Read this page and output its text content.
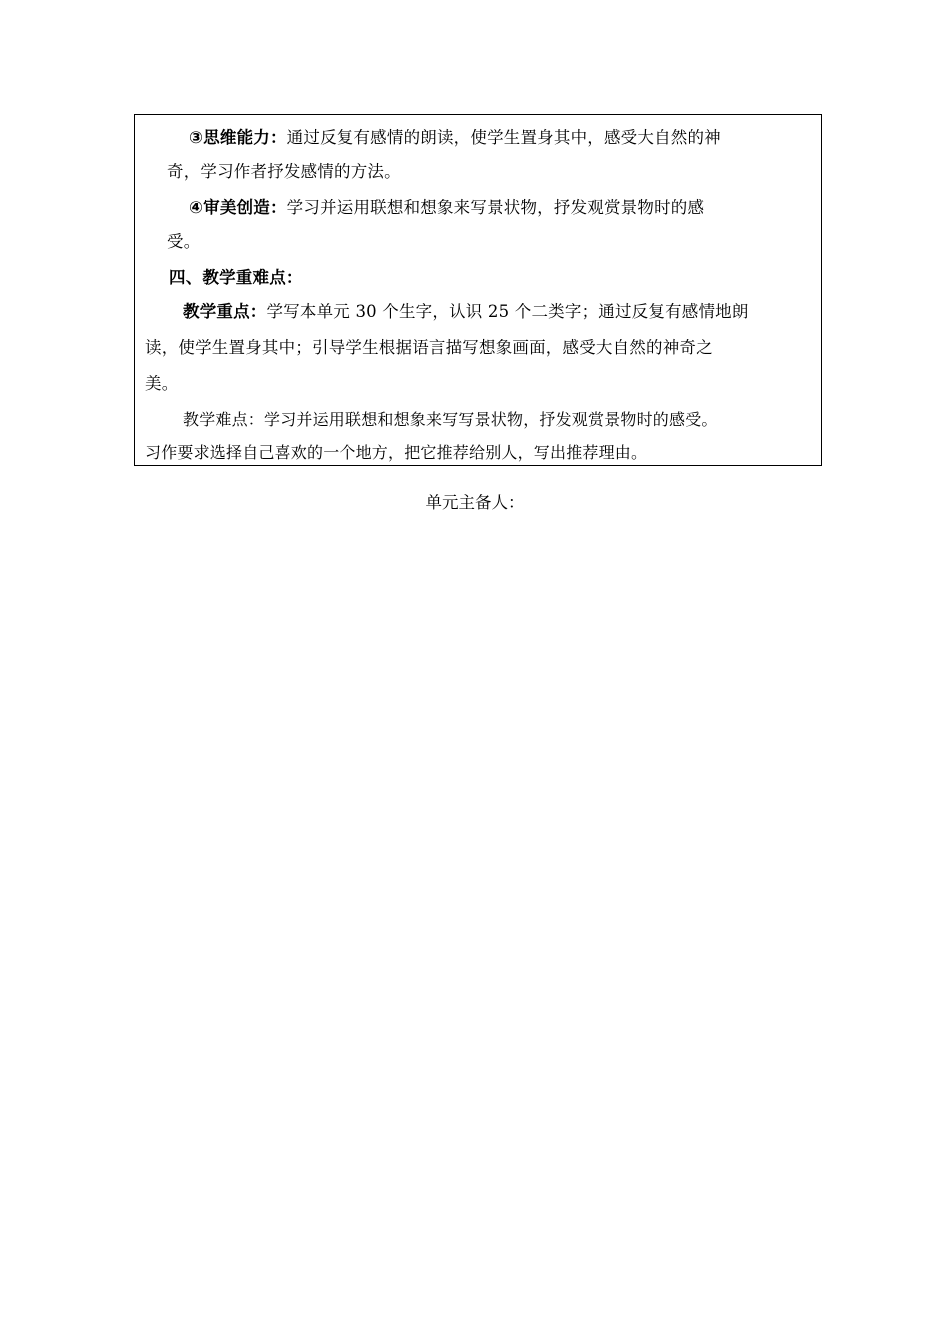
③思维能力：通过反复有感情的朗读，使学生置身其中，感受大自然的神
奇，学习作者抒发感情的方法。
④审美创造：学习并运用联想和想象来写景状物，抒发观赏景物时的感
受。
四、教学重难点：
教学重点：学写本单元 30 个生字，认识 25 个二类字；通过反复有感情地朗
读，使学生置身其中；引导学生根据语言描写想象画面，感受大自然的神奇之
美。
教学难点：学习并运用联想和想象来写写景状物，抒发观赏景物时的感受。
习作要求选择自己喜欢的一个地方，把它推荐给别人，写出推荐理由。
单元主备人：
